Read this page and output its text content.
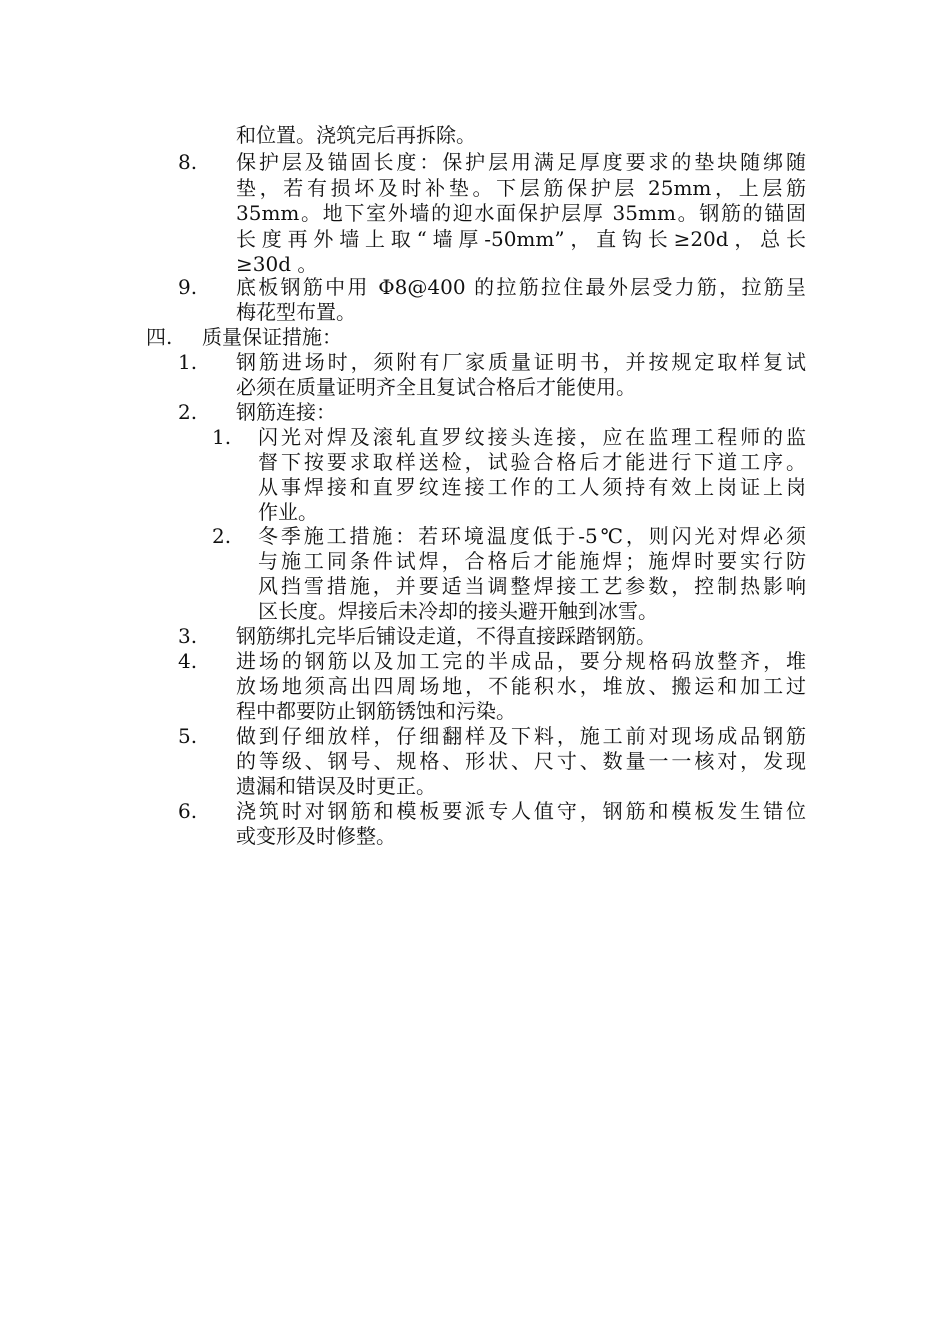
和位置。浇筑完后再拆除。
8. 保护层及锚固长度：保护层用满足厚度要求的垫块随绑随
垫，若有损坏及时补垫。下层筋保护层 25mm，上层筋
35mm。地下室外墙的迎水面保护层厚 35mm。钢筋的锚固
长度再外墙上取“墙厚-50mm”，直钩长≥20d，总长
≥30d 。
9. 底板钢筋中用 Φ8@400 的拉筋拉住最外层受力筋，拉筋呈
梅花型布置。
四. 质量保证措施：
1. 钢筋进场时，须附有厂家质量证明书，并按规定取样复试
必须在质量证明齐全且复试合格后才能使用。
2. 钢筋连接：
1. 闪光对焊及滚轧直罗纹接头连接，应在监理工程师的监
督下按要求取样送检，试验合格后才能进行下道工序。
从事焊接和直罗纹连接工作的工人须持有效上岗证上岗
作业。
2. 冬季施工措施：若环境温度低于-5℃，则闪光对焊必须
与施工同条件试焊，合格后才能施焊；施焊时要实行防
风挡雪措施，并要适当调整焊接工艺参数，控制热影响
区长度。焊接后未冷却的接头避开触到冰雪。
3. 钢筋绑扎完毕后铺设走道，不得直接踩踏钢筋。
4. 进场的钢筋以及加工完的半成品，要分规格码放整齐，堆
放场地须高出四周场地，不能积水，堆放、搬运和加工过
程中都要防止钢筋锈蚀和污染。
5. 做到仔细放样，仔细翻样及下料，施工前对现场成品钢筋
的等级、钢号、规格、形状、尺寸、数量一一核对，发现
遗漏和错误及时更正。
6. 浇筑时对钢筋和模板要派专人值守，钢筋和模板发生错位
或变形及时修整。
